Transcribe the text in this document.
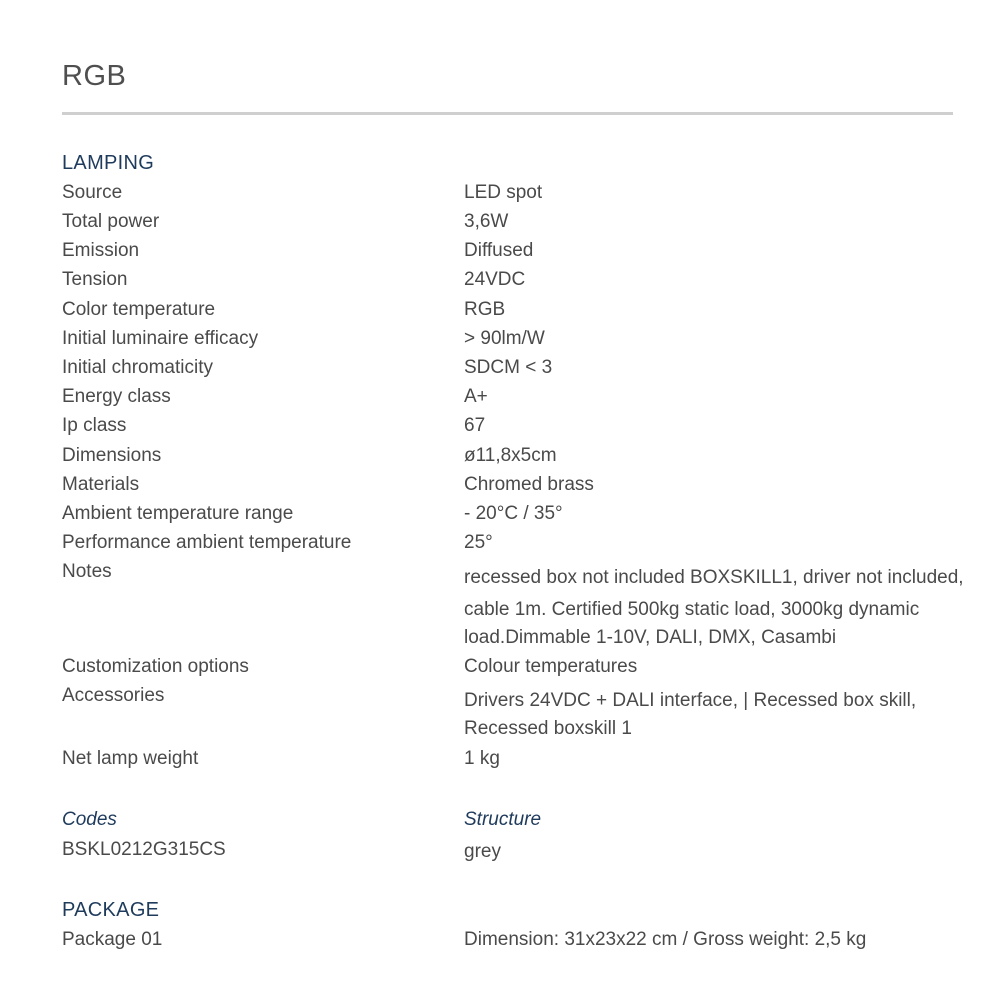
RGB
LAMPING
Source	LED spot
Total power	3,6W
Emission	Diffused
Tension	24VDC
Color temperature	RGB
Initial luminaire efficacy	> 90lm/W
Initial chromaticity	SDCM < 3
Energy class	A+
Ip class	67
Dimensions	ø11,8x5cm
Materials	Chromed brass
Ambient temperature range	- 20°C / 35°
Performance ambient temperature	25°
Notes	recessed box not included BOXSKILL1, driver not included,
cable 1m. Certified 500kg static load, 3000kg dynamic
load.Dimmable 1-10V, DALI, DMX, Casambi
Customization options	Colour temperatures
Accessories	Drivers 24VDC + DALI interface, | Recessed box skill,
Recessed boxskill 1
Net lamp weight	1 kg
Codes	Structure
BSKL0212G315CS	grey
PACKAGE
Package 01	Dimension: 31x23x22 cm / Gross weight: 2,5 kg
